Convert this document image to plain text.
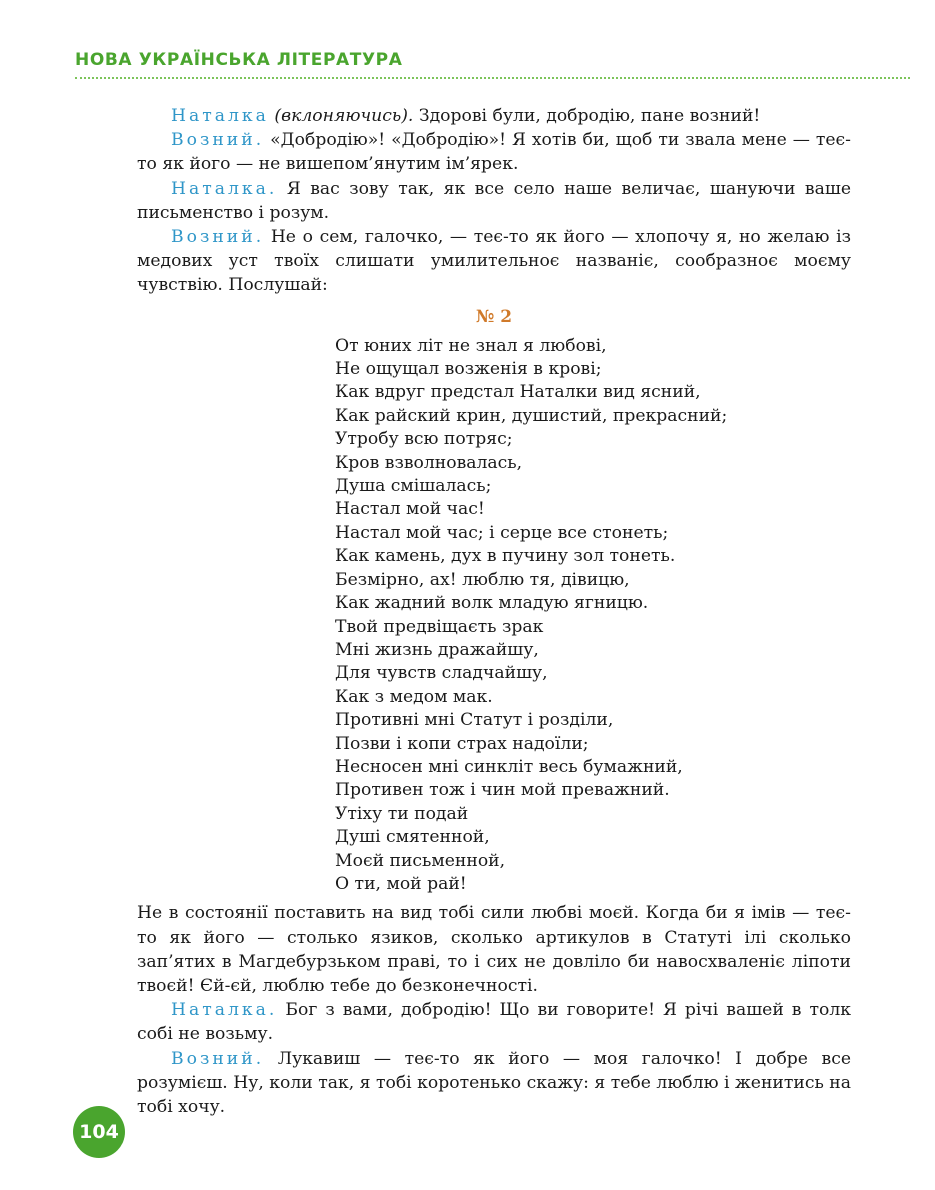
НОВА УКРАЇНСЬКА ЛІТЕРАТУРА

Наталка (вклоняючись). Здорові були, добродію, пане возний!

Возний. «Добродію»! «Добродію»! Я хотів би, щоб ти звала мене — теє-то як його — не вишепом’янутим ім’ярек.

Наталка. Я вас зову так, як все село наше величає, шануючи ваше письменство і розум.

Возний. Не о сем, галочко, — теє-то як його — хлопочу я, но желаю із медових уст твоїх слишати умилительноє названіє, сообразноє моєму чувствію. Послушай:

№ 2
От юних літ не знал я любові,
Не ощущал возженія в крові;
Как вдруг предстал Наталки вид ясний,
Как райский крин, душистий, прекрасний;
Утробу всю потряс;
Кров взволновалась,
Душа смішалась;
Настал мой час!
Настал мой час; і серце все стонеть;
Как камень, дух в пучину зол тонеть.
Безмірно, ах! люблю тя, дівицю,
Как жадний волк младую ягницю.
Твой предвіщаєть зрак
Мні жизнь дражайшу,
Для чувств сладчайшу,
Как з медом мак.
Противні мні Статут і розділи,
Позви і копи страх надоїли;
Несносен мні синкліт весь бумажний,
Противен тож і чин мой преважний.
Утіху ти подай
Душі смятенной,
Моєй письменной,
О ти, мой рай!

Не в состоянії поставить на вид тобі сили любві моєй. Когда би я імів — теє-то як його — столько язиков, сколько артикулов в Статуті ілі сколько зап’ятих в Магдебурзьком праві, то і сих не довліло би навосхваленіє ліпоти твоєй! Єй-єй, люблю тебе до безконечності.

Наталка. Бог з вами, добродію! Що ви говорите! Я річі вашей в толк собі не возьму.

Возний. Лукавиш — теє-то як його — моя галочко! І добре все розумієш. Ну, коли так, я тобі коротенько скажу: я тебе люблю і женитись на тобі хочу.

104
